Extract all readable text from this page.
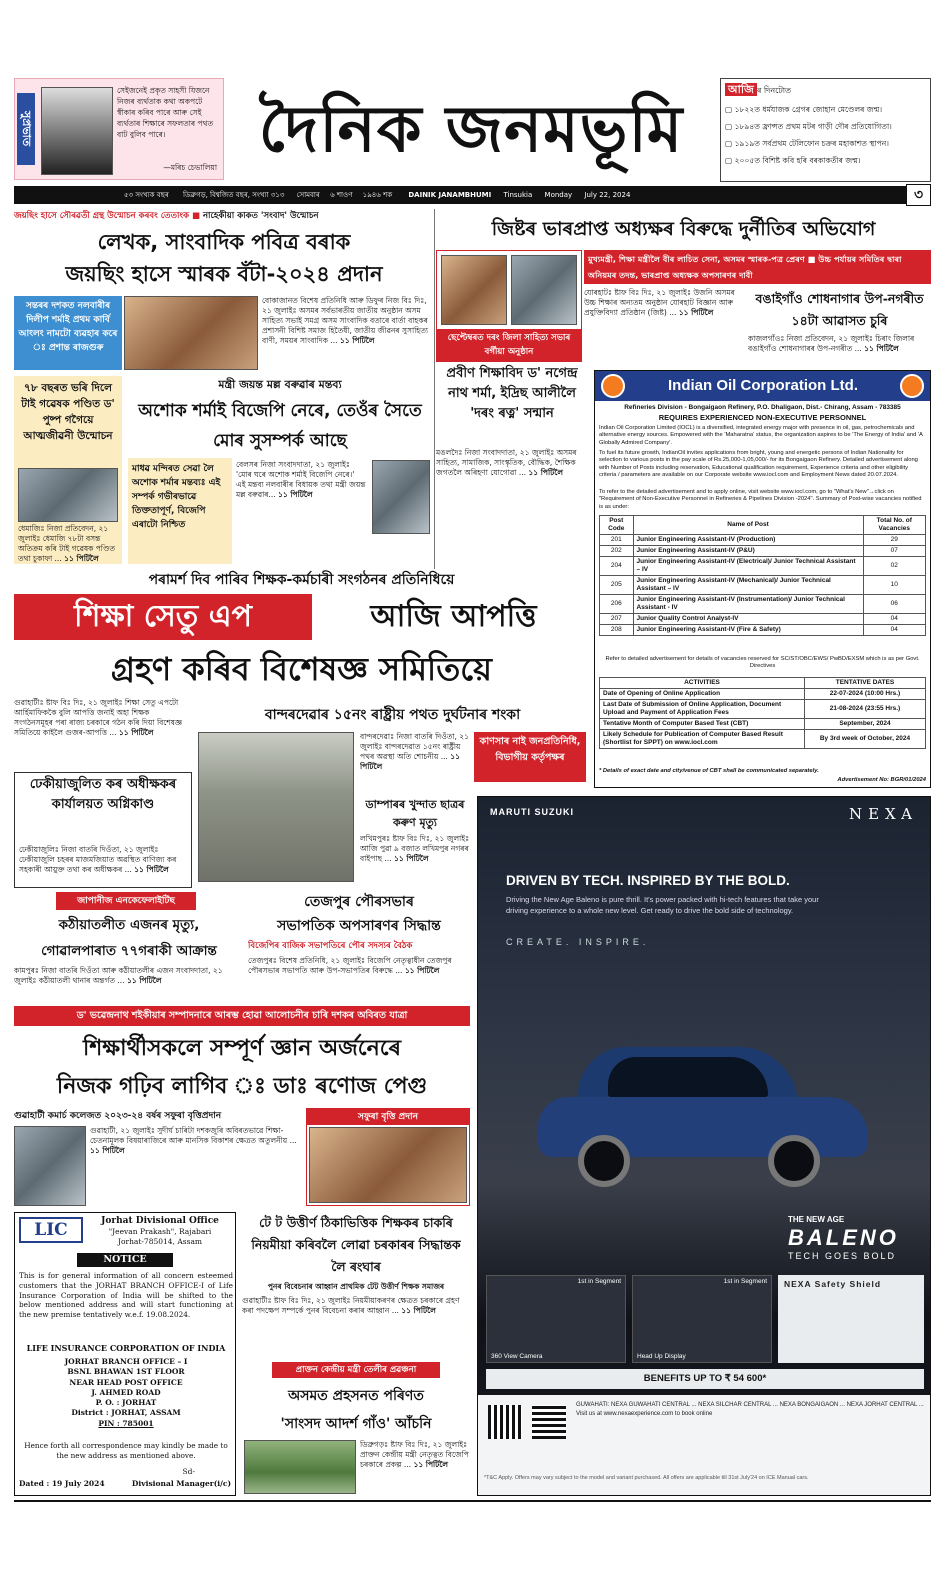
সুপ্রভাত
সেইজনেই প্ৰকৃত সাহসী যিজনে নিজৰ ব্যৰ্থতাক কথা অকপটে স্বীকাৰ কৰিব পাৰে আৰু সেই ব্যৰ্থতাৰ শিক্ষাৰে সফলতাৰ পথত বাট বুলিব পাৰে।
—মৰিচ চেভালিয়া
দৈনিক জনমভূমি
আজি ৰ দিনটোত
▢ ১৮২২ত ধৰ্মযাজক গ্ৰেগৰ জোহান মেণ্ডেলৰ জন্ম।
▢ ১৮৯৪ত ফ্ৰান্সত প্ৰথম মটৰ গাড়ী দৌৰ প্ৰতিযোগিতা।
▢ ১৯১৯ত সৰ্বপ্ৰথম টেলিফোন চক্ৰৰ মহাকাশত স্থাপন।
▢ ২০০৫ত বিশিষ্ট কবি হৰি বৰকাকতীৰ জন্ম।
৫৩ সংখ্যক বছৰ ডিব্ৰুগড়, বিশ্বজিত বছৰ, সংখ্যা ৩১৩ সোমবাৰ ৬ শাওণ ১৯৪৬ শক DAINIK JANAMBHUMI Tinsukia Monday July 22, 2024	৩
জয়ছিং হাসে সৌৰৱতী গ্ৰন্থ উন্মোচন কৰবং তেতাংক ■ নাহেকীয়া কাকত 'সংবাদ' উন্মোচন
লেখক, সাংবাদিক পবিত্ৰ বৰাক
জয়ছিং হাসে স্মাৰক বঁটা-২০২৪ প্ৰদান
সন্তৰৰ দশকত নলবাৰীৰ দিলীপ শৰ্মাই প্ৰথম কাৰ্বি আংলং নামটো ব্যৱহাৰ কৰে ঃ প্ৰশান্ত ৰাজগুৰু
বোকাজানত বিশেষ প্ৰতিনিধি আৰু ডিফুৰ নিজ বিঃ দিঃ, ২১ জুলাইঃ অসমৰ সৰ্বভাৰতীয় জাতীয় অনুষ্ঠান অসম সাহিত্য সভাই সমগ্ৰ অসম সাংবাদিক বতাৰে বাৰ্তা বাহকৰ প্ৰশাসনী বিশিষ্ট সমাজ হিতৈষী, জাতীয় জীৱনৰ সুসাহিত্য বাণী, সময়ৰ সাংবাদিক ... ১১ পিটিলৈ
৭৮ বছৰত ভৰি দিলে টাই গৱেষক পণ্ডিত ড' পুষ্প গগৈয়ে আত্মজীৱনী উন্মোচন
ধেমাজিঃ নিজা প্ৰতিবেদন, ২১ জুলাইঃ ধেমাজি ৭৮টা বসন্ত অতিক্ৰম কৰি টাই গৱেষক পণ্ডিত তথা চুকাফা ... ১১ পিটিলৈ
মন্ত্ৰী জয়ন্ত মল্ল বৰুৱাৰ মন্তব্য
অশোক শৰ্মাই বিজেপি নেৰে, তেওঁৰ সৈতে মোৰ সুসম্পৰ্ক আছে
মাধৱ মন্দিৰত সেৱা লৈ অশোক শৰ্মাৰ মন্তব্যঃ এই সম্পৰ্ক গভীৰভাৱে তিক্ততাপূৰ্ণ, বিজেপি এৰাটো নিশ্চিত
বেলসৰ নিজা সংবাদদাতা, ২১ জুলাইঃ 'মোৰ ঘৰে অশোক শৰ্মাই বিজেপি নেৰে।' এই মন্তব্য নলবাৰীৰ বিধায়ক তথা মন্ত্ৰী জয়ন্ত মল্ল বৰুৱাৰ... ১১ পিটিলৈ
জিষ্টৰ ভাৰপ্ৰাপ্ত অধ্যক্ষৰ বিৰুদ্ধে দুৰ্নীতিৰ অভিযোগ
ছেপ্টেম্বৰত দৰং জিলা সাহিত্য সভাৰ বৰ্গীয়া অনুষ্ঠান
মুখ্যমন্ত্ৰী, শিক্ষা মন্ত্ৰীলৈ বীৰ লাচিত সেনা, অসমৰ স্মাৰক-পত্ৰ প্ৰেৰণ ■ উচ্চ পৰ্যায়ৰ সমিতিৰ দ্বাৰা অনিয়মৰ তদন্ত, ভাৰপ্ৰাপ্ত অধ্যক্ষক অপসাৰণৰ দাবী
যোৰহাটঃ ষ্টাফ বিঃ দিঃ, ২১ জুলাইঃ উজনি অসমৰ উচ্চ শিক্ষাৰ অন্যতম অনুষ্ঠান যোৰহাট বিজ্ঞান আৰু প্ৰযুক্তিবিদ্যা প্ৰতিষ্ঠান (জিষ্ট) ... ১১ পিটিলৈ
বঙাইগাঁও শোধনাগাৰ উপ-নগৰীত ১৪টা আৱাসত চুৰি
কাজলগাঁওঃ নিজা প্ৰতিবেদন, ২১ জুলাইঃ চিৰাং জিলাৰ বঙাইগাঁও শোধনাগাৰৰ উপ-নগৰীত ... ১১ পিটিলৈ
প্ৰবীণ শিক্ষাবিদ ড' নগেন্দ্ৰ নাথ শৰ্মা, ইদ্ৰিছ আলীলৈ 'দৰং ৰত্ন' সন্মান
মঙলদৈঃ নিজা সংবাদদাতা, ২১ জুলাইঃ অসমৰ সাহিত্য, সামাজিক, সাংস্কৃতিক, বৌদ্ধিক, শৈক্ষিক জগতলৈ অৰিহণা যোগোৱা ... ১১ পিটিলৈ
Indian Oil Corporation Ltd.
Refineries Division - Bongaigaon Refinery, P.O. Dhaligaon, Dist.- Chirang, Assam - 783385
REQUIRES EXPERIENCED NON-EXECUTIVE PERSONNEL
Indian Oil Corporation Limited (IOCL) is a diversified, integrated energy major with presence in oil, gas, petrochemicals and alternative energy sources. Empowered with the 'Maharatna' status, the organization aspires to be 'The Energy of India' and 'A Globally Admired Company'.
To fuel its future growth, IndianOil invites applications from bright, young and energetic persons of Indian Nationality for selection to various posts in the pay scale of Rs.25,000-1,05,000/- for its Bongaigaon Refinery. Detailed advertisement along with Number of Posts including reservation, Educational qualification requirement, Experience criteria and other eligibility criteria / parameters are available on our Corporate website www.iocl.com and Employment News dated 20.07.2024.
To refer to the detailed advertisement and to apply online, visit website www.iocl.com, go to "What's New"→click on "Requirement of Non-Executive Personnel in Refineries & Pipelines Division -2024". Summary of Post-wise vacancies notified is as under:
Post Code	Name of Post	Total No. of Vacancies
201	Junior Engineering Assistant-IV (Production)	29
202	Junior Engineering Assistant-IV (P&U)	07
204	Junior Engineering Assistant-IV (Electrical)/ Junior Technical Assistant – IV	02
205	Junior Engineering Assistant-IV (Mechanical)/ Junior Technical Assistant – IV	10
206	Junior Engineering Assistant-IV (Instrumentation)/ Junior Technical Assistant - IV	06
207	Junior Quality Control Analyst-IV	04
208	Junior Engineering Assistant-IV (Fire & Safety)	04
Refer to detailed advertisement for details of vacancies reserved for SC/ST/OBC/EWS/ PwBD/EXSM which is as per Govt. Directives
ACTIVITIES	TENTATIVE DATES
Date of Opening of Online Application	22-07-2024 (10:00 Hrs.)
Last Date of Submission of Online Application, Document Upload and Payment of Application Fees	21-08-2024 (23:55 Hrs.)
Tentative Month of Computer Based Test (CBT)	September, 2024
Likely Schedule for Publication of Computer Based Result (Shortlist for SPPT) on www.iocl.com	By 3rd week of October, 2024
* Details of exact date and city/venue of CBT shall be communicated separately.
Advertisement No: BGR/01/2024
পৰামৰ্শ দিব পাৰিব শিক্ষক-কৰ্মচাৰী সংগঠনৰ প্ৰতিনিধিয়ে
শিক্ষা সেতু এপ	আজি আপত্তি
গ্ৰহণ কৰিব বিশেষজ্ঞ সমিতিয়ে
গুৱাহাটীঃ ষ্টাফ বিঃ দিঃ, ২১ জুলাইঃ শিক্ষা সেতু এপটো আৰ্হিমাফিককৈ বুলি আপত্তি জনাই অহা শিক্ষক সংগঠনসমূহৰ পৰা ৰাজ্য চৰকাৰে গঠন কৰি দিয়া বিশেষজ্ঞ সমিতিয়ে কাইলৈ গুজৰ-আপত্তি ... ১১ পিটিলৈ
বান্দৰদেৱাৰ ১৫নং ৰাষ্ট্ৰীয় পথত দুৰ্ঘটনাৰ শংকা
বান্দৰদেৱাঃ নিজা বাতৰি দিওঁতা, ২১ জুলাইঃ বান্দৰদেৱাত ১৫নং ৰাষ্ট্ৰীয় পথৰ অৱস্থা অতি শোচনীয় ... ১১ পিটিলৈ
কাণসাৰ নাই জনপ্ৰতিনিধি, বিভাগীয় কৰ্তৃপক্ষৰ
ডাম্পাৰৰ খুন্দাত ছাত্ৰৰ কৰুণ মৃত্যু
লখিমপুৰঃ ষ্টাফ বিঃ দিঃ, ২১ জুলাইঃ আজি পুৱা ৯ বজাত লখিমপুৰ নগৰৰ বাইপাছ ... ১১ পিটিলৈ
ঢেকীয়াজুলিত কৰ অধীক্ষকৰ কাৰ্যালয়ত অগ্নিকাণ্ড
ঢেকীয়াজুলিঃ নিজা বাতৰি দিওঁতা, ২১ জুলাইঃ ঢেকীয়াজুলি চহৰৰ মাজমজিয়াত অৱস্থিত বাণিজ্য কৰ সহকাৰী আয়ুক্ত তথা কৰ অধীক্ষকৰ ... ১১ পিটিলৈ
জাপানীজ এনকেফেলাইটিছ
কঠীয়াতলীত এজনৰ মৃত্যু,
গোৱালপাৰাত ৭৭গৰাকী আক্ৰান্ত
কামপুৰঃ নিজা বাতৰি দিওঁতা আৰু কঠীয়াতলীৰ এজন সংবাদদাতা, ২১ জুলাইঃ কঠীয়াতলী থানাৰ অন্তৰ্গত ... ১১ পিটিলৈ
তেজপুৰ পৌৰসভাৰ
সভাপতিক অপসাৰণৰ সিদ্ধান্ত
বিজেপিৰ বাজিক সভাপতিৰে পৌৰ সদস্যৰ বৈঠক
তেজপুৰঃ বিশেষ প্ৰতিনিধি, ২১ জুলাইঃ বিজেপি নেতৃত্বাধীন তেজপুৰ পৌৰসভাৰ সভাপতি আৰু উপ-সভাপতিৰ বিৰুদ্ধে ... ১১ পিটিলৈ
ড' ভৱেন্দ্ৰনাথ শইকীয়াৰ সম্পাদনাৰে আৰম্ভ হোৱা আলোচনীৰ চাৰি দশকৰ অবিৰত যাত্ৰা
শিক্ষাৰ্থীসকলে সম্পূৰ্ণ জ্ঞান অৰ্জনেৰে
নিজক গঢ়িব লাগিব ঃ ডাঃ ৰণোজ পেগু
গুৱাহাটী কমাৰ্চ কলেজত ২০২৩-২৪ বৰ্ষৰ সফুৰা বৃত্তিপ্ৰদান
গুৱাহাটী, ২১ জুলাইঃ সুদীৰ্ঘ চাৰিটা দশকজুৰি অবিৰতভাৱে শিক্ষা-চেতনামূলক বিষয়াৰাজিৰে আৰু মানসিক বিকাশৰ ক্ষেত্ৰত অতুলনীয় ... ১১ পিটিলৈ
সফুৰা বৃত্তি প্ৰদান
LIC	Jorhat Divisional Office
"Jeevan Prakash", Rajabari
Jorhat-785014, Assam
NOTICE
This is for general information of all concern esteemed customers that the JORHAT BRANCH OFFICE-I of Life Insurance Corporation of India will be shifted to the below mentioned address and will start functioning at the new premise tentatively w.e.f. 19.08.2024.
LIFE INSURANCE CORPORATION OF INDIA
JORHAT BRANCH OFFICE – I
BSNL BHAWAN 1ST FLOOR
NEAR HEAD POST OFFICE
J. AHMED ROAD
P. O. : JORHAT
District : JORHAT, ASSAM
PIN : 785001
Hence forth all correspondence may kindly be made to the new address as mentioned above.
Sd-
Dated : 19 July 2024	Divisional Manager(i/c)
টে ট উত্তীৰ্ণ ঠিকাভিত্তিক শিক্ষকৰ চাকৰি নিয়মীয়া কৰিবলৈ লোৱা চৰকাৰৰ সিদ্ধান্তক লৈ ৰংঘাৰ
পুনৰ বিবেচনাৰ আহ্বান প্ৰাথমিক টেট উত্তীৰ্ণ শিক্ষক সমাজৰ
গুৱাহাটীঃ ষ্টাফ বিঃ দিঃ, ২১ জুলাইঃ নিয়মীয়াকৰণৰ ক্ষেত্ৰত চৰকাৰে গ্ৰহণ কৰা পদক্ষেপ সম্পৰ্কে পুনৰ বিবেচনা কৰাৰ আহ্বান ... ১১ পিটিলৈ
প্ৰাক্তন কেন্দ্ৰীয় মন্ত্ৰী তেলীৰ প্ৰৱঞ্চনা
অসমত প্ৰহসনত পৰিণত
'সাংসদ আদৰ্শ গাঁও' আঁচনি
ডিব্ৰুগড়ঃ ষ্টাফ বিঃ দিঃ, ২১ জুলাইঃ প্ৰাক্তন কেন্দ্ৰীয় মন্ত্ৰী নেতৃত্বত বিজেপি চৰকাৰে প্ৰকল্প ... ১১ পিটিলৈ
MARUTI SUZUKI	NEXA
DRIVEN BY TECH. INSPIRED BY THE BOLD.
Driving the New Age Baleno is pure thrill. It's power packed with hi-tech features that take your driving experience to a whole new level. Get ready to drive the bold side of technology.
CREATE. INSPIRE.
THE NEW AGE
BALENO
TECH GOES BOLD
1st in Segment
360 View Camera
1st in Segment
Head Up Display
NEXA Safety Shield
BENEFITS UP TO ₹ 54 600*
GUWAHATI: NEXA GUWAHATI CENTRAL ... NEXA SILCHAR CENTRAL ... NEXA BONGAIGAON ... NEXA JORHAT CENTRAL ... Visit us at www.nexaexperience.com to book online
*T&C Apply. Offers may vary subject to the model and variant purchased. All offers are applicable till 31st July'24 on ICE Manual cars.
